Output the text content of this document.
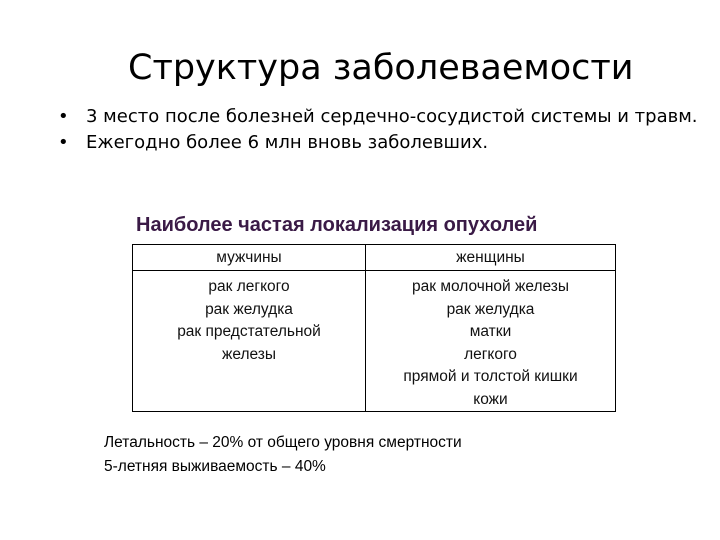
Структура заболеваемости
• 3 место после болезней сердечно-сосудистой системы и травм.
• Ежегодно более 6 млн вновь заболевших.
Наиболее частая локализация опухолей
мужчины	женщины
рак легкого
рак желудка
рак предстательной
железы
рак молочной железы
рак желудка
матки
легкого
прямой и толстой кишки
кожи
Летальность – 20% от общего уровня смертности
5-летняя выживаемость – 40%
